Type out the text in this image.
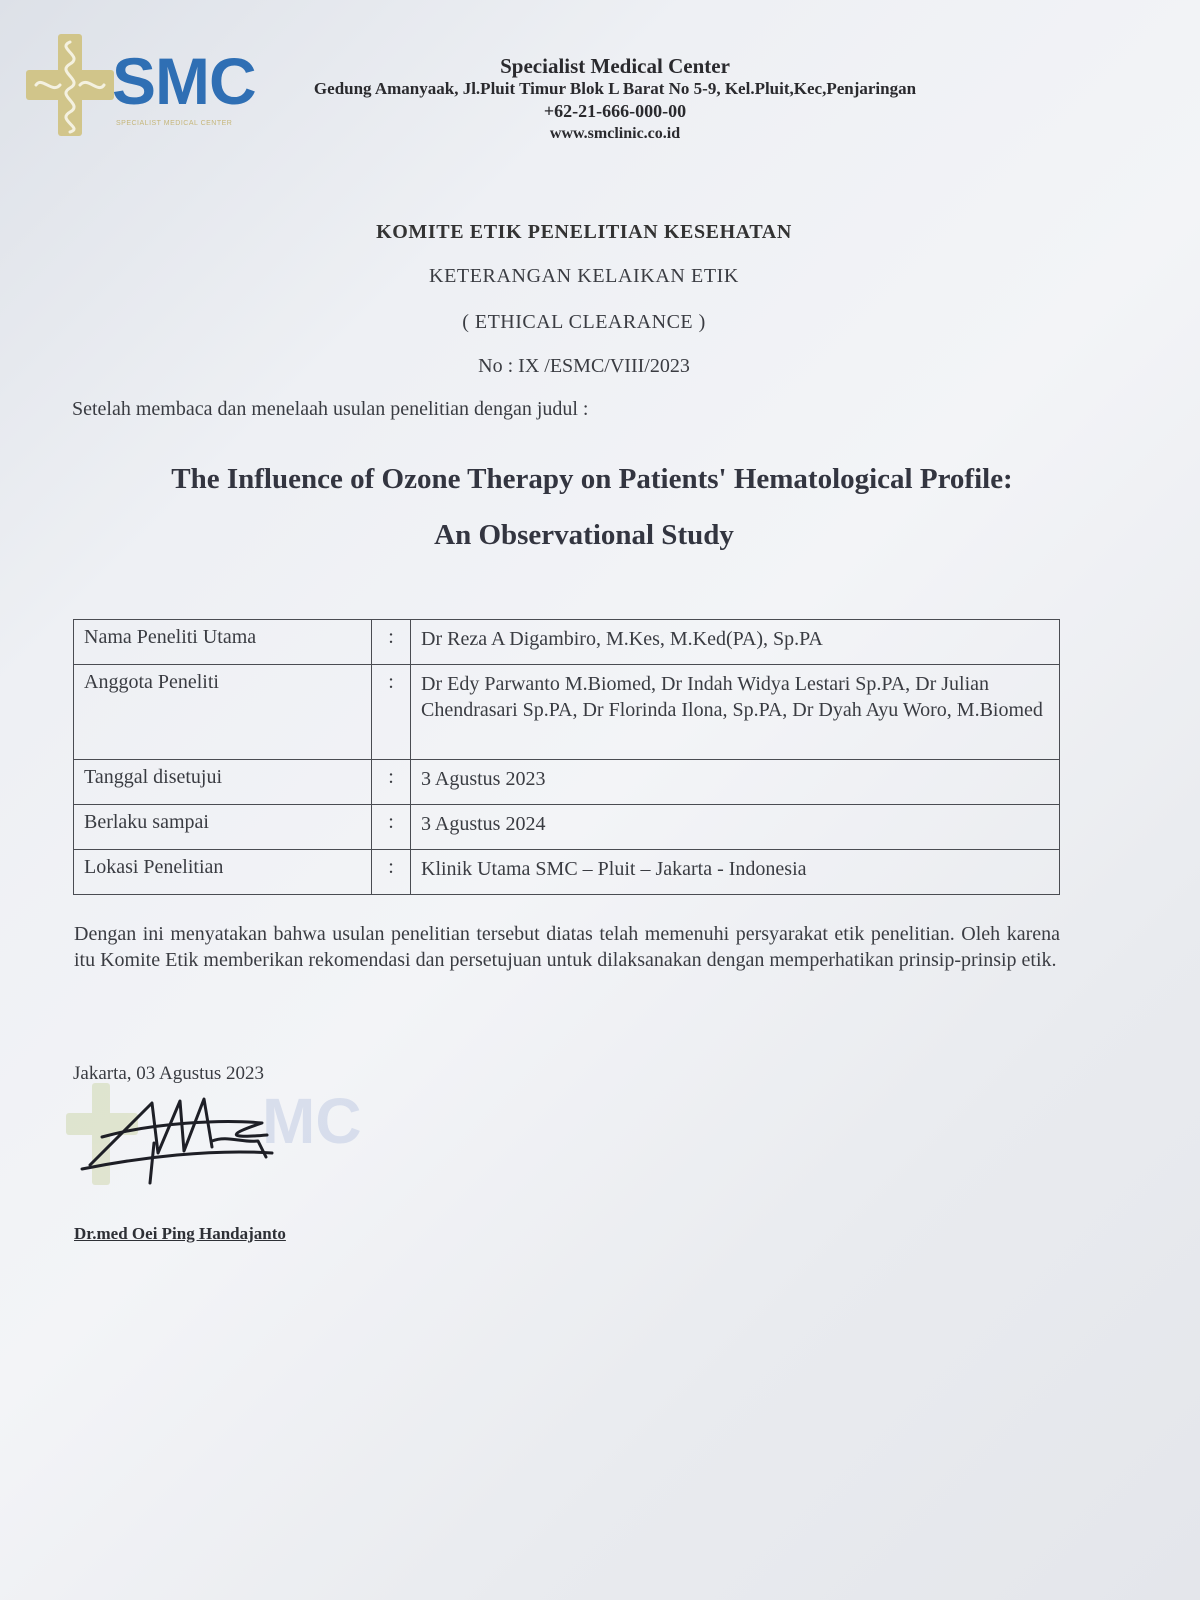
SMC
SPECIALIST MEDICAL CENTER
Specialist Medical Center
Gedung Amanyaak, Jl.Pluit Timur Blok L Barat No 5-9, Kel.Pluit,Kec,Penjaringan
+62-21-666-000-00
www.smclinic.co.id
KOMITE ETIK PENELITIAN KESEHATAN
KETERANGAN KELAIKAN ETIK
( ETHICAL CLEARANCE )
No : IX /ESMC/VIII/2023
Setelah membaca dan menelaah usulan penelitian dengan judul :
The Influence of Ozone Therapy on Patients' Hematological Profile:
An Observational Study
Nama Peneliti Utama	:	Dr Reza A Digambiro, M.Kes, M.Ked(PA), Sp.PA
Anggota Peneliti	:	Dr Edy Parwanto M.Biomed, Dr Indah Widya Lestari Sp.PA, Dr Julian Chendrasari Sp.PA, Dr Florinda Ilona, Sp.PA, Dr Dyah Ayu Woro, M.Biomed
Tanggal disetujui	:	3 Agustus 2023
Berlaku sampai	:	3 Agustus 2024
Lokasi Penelitian	:	Klinik Utama SMC – Pluit – Jakarta - Indonesia
Dengan ini menyatakan bahwa usulan penelitian tersebut diatas telah memenuhi persyarakat etik penelitian. Oleh karena itu Komite Etik memberikan rekomendasi dan persetujuan untuk dilaksanakan dengan memperhatikan prinsip-prinsip etik.
Jakarta, 03 Agustus 2023
MC
Dr.med Oei Ping Handajanto
